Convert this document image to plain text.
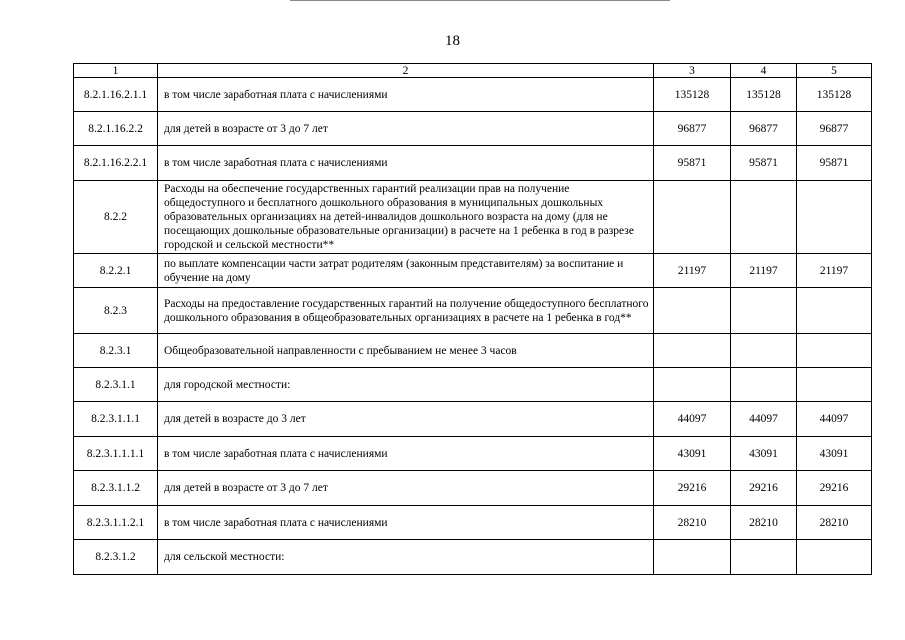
18
1	2	3	4	5
8.2.1.16.2.1.1	в том числе заработная плата с начислениями	135128	135128	135128
8.2.1.16.2.2	для детей в возрасте от 3 до 7 лет	96877	96877	96877
8.2.1.16.2.2.1	в том числе заработная плата с начислениями	95871	95871	95871
8.2.2	Расходы на обеспечение государственных гарантий реализации прав на получение общедоступного и бесплатного дошкольного образования в муниципальных дошкольных образовательных организациях на детей-инвалидов дошкольного возраста на дому (для не посещающих дошкольные образовательные организации) в расчете на 1 ребенка в год в разрезе городской и сельской местности**			
8.2.2.1	по выплате компенсации части затрат родителям (законным представителям) за воспитание и обучение на дому	21197	21197	21197
8.2.3	Расходы на предоставление государственных гарантий на получение общедоступного бесплатного дошкольного образования в общеобразовательных организациях в расчете на 1 ребенка в год**			
8.2.3.1	Общеобразовательной направленности с пребыванием не менее 3 часов			
8.2.3.1.1	для городской местности:			
8.2.3.1.1.1	для детей в возрасте до 3 лет	44097	44097	44097
8.2.3.1.1.1.1	в том числе заработная плата с начислениями	43091	43091	43091
8.2.3.1.1.2	для детей в возрасте от 3 до 7 лет	29216	29216	29216
8.2.3.1.1.2.1	в том числе заработная плата с начислениями	28210	28210	28210
8.2.3.1.2	для сельской местности:			
